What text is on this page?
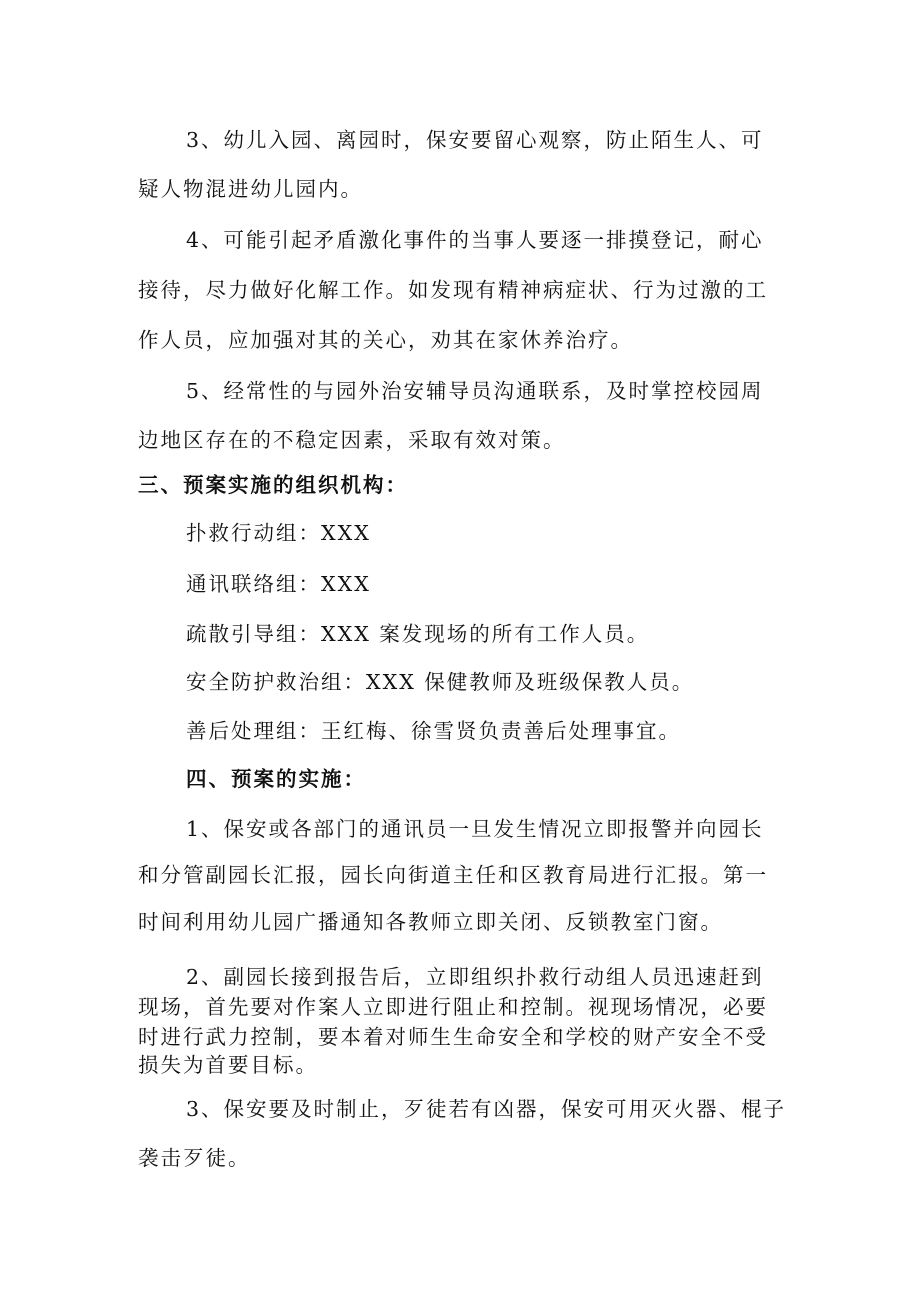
3、幼儿入园、离园时，保安要留心观察，防止陌生人、可
疑人物混进幼儿园内。
4、可能引起矛盾激化事件的当事人要逐一排摸登记，耐心
接待，尽力做好化解工作。如发现有精神病症状、行为过激的工
作人员，应加强对其的关心，劝其在家休养治疗。
5、经常性的与园外治安辅导员沟通联系，及时掌控校园周
边地区存在的不稳定因素，采取有效对策。
三、预案实施的组织机构：
扑救行动组：XXX
通讯联络组：XXX
疏散引导组：XXX 案发现场的所有工作人员。
安全防护救治组：XXX 保健教师及班级保教人员。
善后处理组：王红梅、徐雪贤负责善后处理事宜。
四、预案的实施：
1、保安或各部门的通讯员一旦发生情况立即报警并向园长
和分管副园长汇报，园长向街道主任和区教育局进行汇报。第一
时间利用幼儿园广播通知各教师立即关闭、反锁教室门窗。
2、副园长接到报告后，立即组织扑救行动组人员迅速赶到
现场，首先要对作案人立即进行阻止和控制。视现场情况，必要
时进行武力控制，要本着对师生生命安全和学校的财产安全不受
损失为首要目标。
3、保安要及时制止，歹徒若有凶器，保安可用灭火器、棍子
袭击歹徒。
